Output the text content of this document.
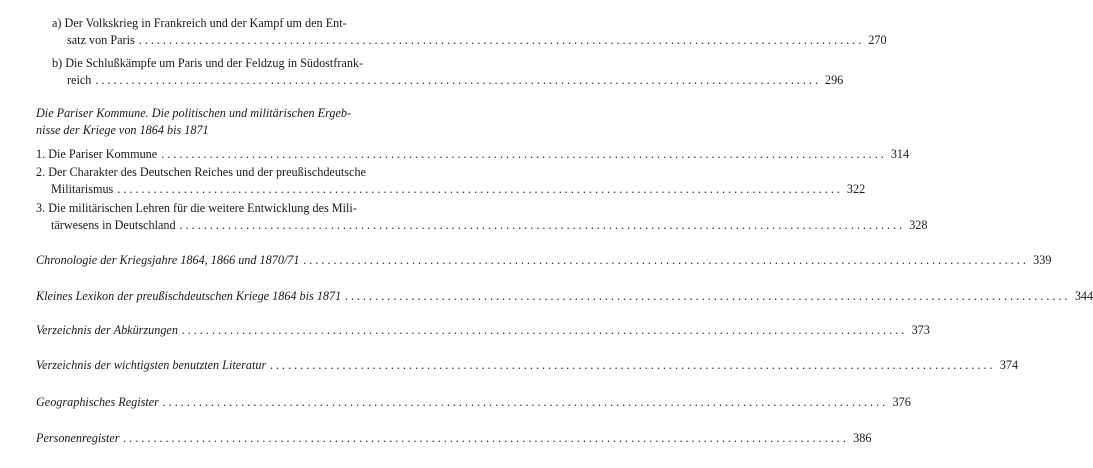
a) Der Volkskrieg in Frankreich und der Kampf um den Ent-
satz von Paris ........................................................................................................................ 270
b) Die Schlußkämpfe um Paris und der Feldzug in Südostfrank-
reich ........................................................................................................................ 296
Die Pariser Kommune. Die politischen und militärischen Ergeb-
nisse der Kriege von 1864 bis 1871
1. Die Pariser Kommune ........................................................................................................................ 314
2. Der Charakter des Deutschen Reiches und der preußischdeutsche
Militarismus ........................................................................................................................ 322
3. Die militärischen Lehren für die weitere Entwicklung des Mili-
tärwesens in Deutschland ........................................................................................................................ 328
Chronologie der Kriegsjahre 1864, 1866 und 1870/71 ........................................................................................................................ 339
Kleines Lexikon der preußischdeutschen Kriege 1864 bis 1871 ........................................................................................................................ 344
Verzeichnis der Abkürzungen ........................................................................................................................ 373
Verzeichnis der wichtigsten benutzten Literatur ........................................................................................................................ 374
Geographisches Register ........................................................................................................................ 376
Personenregister ........................................................................................................................ 386
